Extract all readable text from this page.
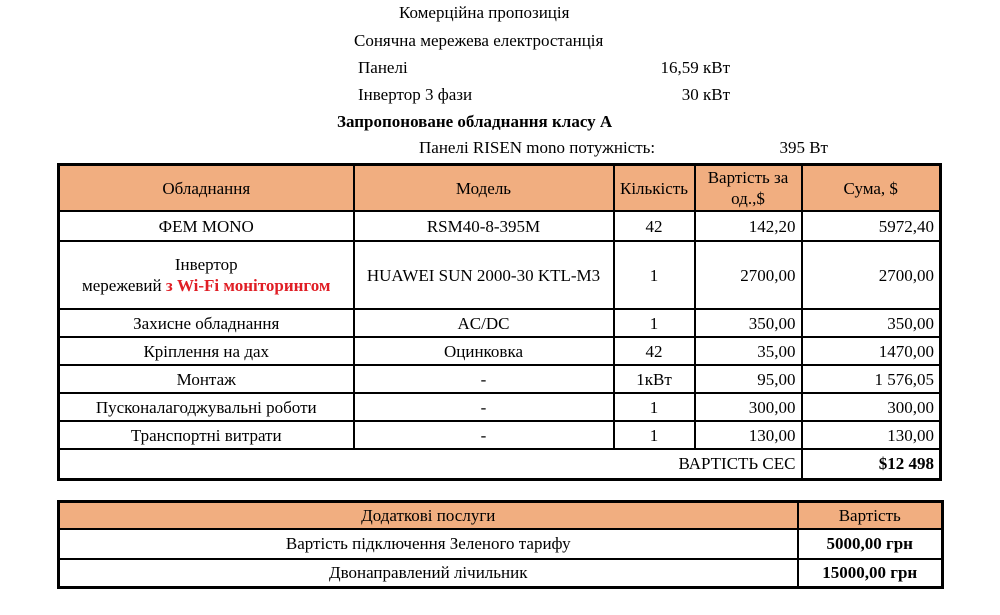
Комерційна пропозиція
Сонячна мережева електростанція
Панелі	16,59 кВт
Інвертор 3 фази	30 кВт
Запропоноване обладнання класу А
Панелі RISEN mono потужність:	395 Вт
Обладнання	Модель	Кількість	Вартість за од.,$	Сума, $
ФЕМ MONO	RSM40-8-395M	42	142,20	5972,40
Інвертор
мережевий з Wi-Fi моніторингом	HUAWEI SUN 2000-30 KTL-M3	1	2700,00	2700,00
Захисне обладнання	AC/DC	1	350,00	350,00
Кріплення на дах	Оцинковка	42	35,00	1470,00
Монтаж	-	1кВт	95,00	1 576,05
Пусконалагоджувальні роботи	-	1	300,00	300,00
Транспортні витрати	-	1	130,00	130,00
ВАРТІСТЬ СЕС				$12 498
Додаткові послуги	Вартість
Вартість підключення Зеленого тарифу	5000,00 грн
Двонаправлений лічильник	15000,00 грн
